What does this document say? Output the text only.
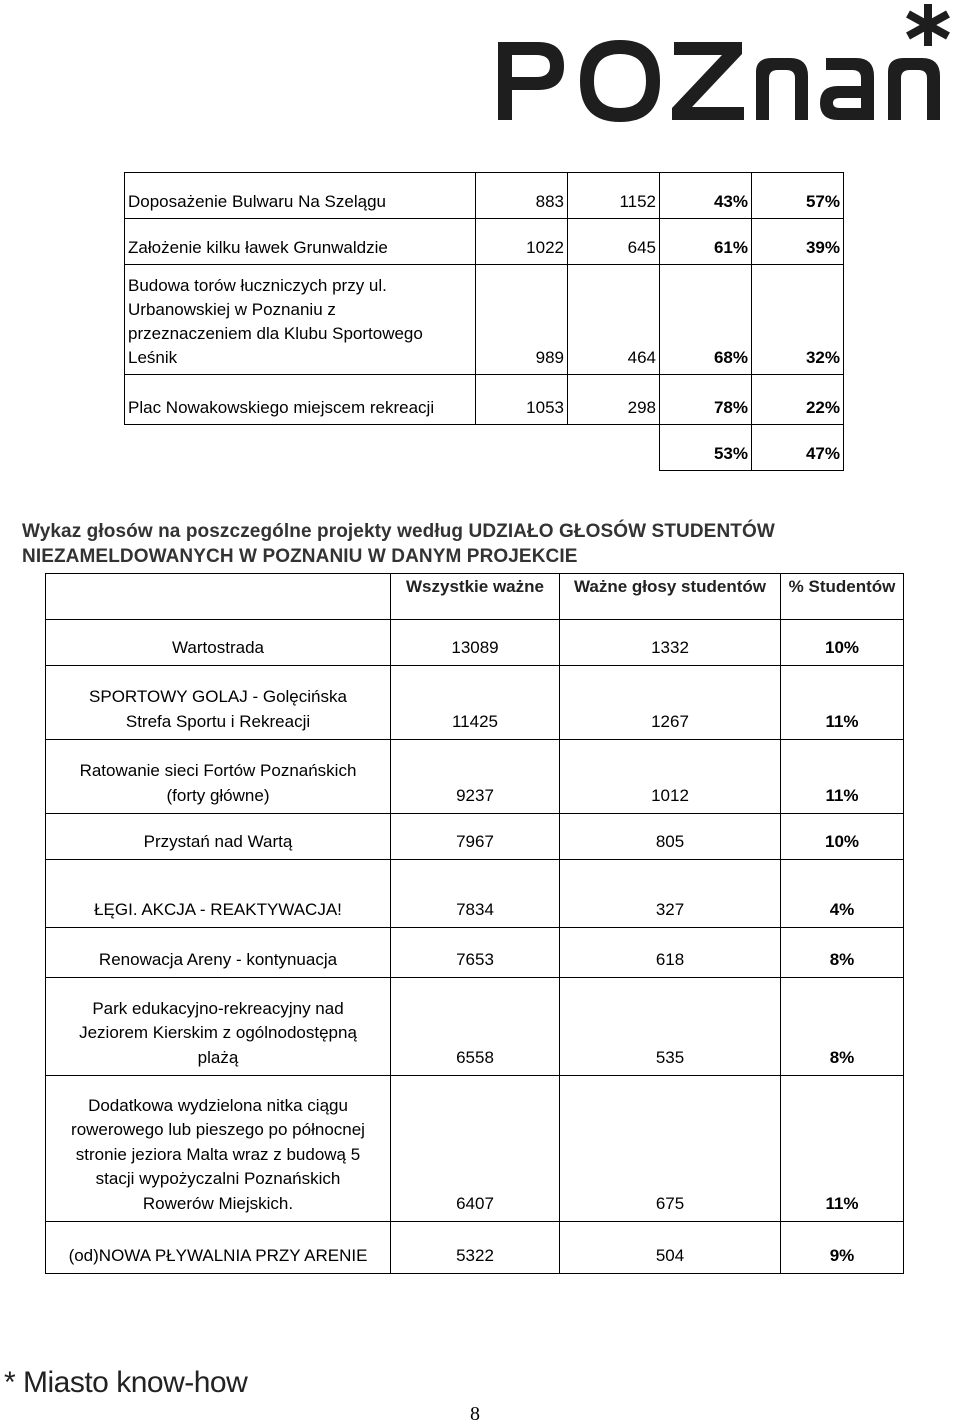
Doposażenie Bulwaru Na Szelągu	883	1152	43%	57%
Założenie kilku ławek Grunwaldzie	1022	645	61%	39%
Budowa torów łuczniczych przy ul.
Urbanowskiej w Poznaniu z
przeznaczeniem dla Klubu Sportowego
Leśnik	989	464	68%	32%
Plac Nowakowskiego miejscem rekreacji	1053	298	78%	22%
			53%	47%
Wykaz głosów na poszczególne projekty według UDZIAŁO GŁOSÓW STUDENTÓW NIEZAMELDOWANYCH W POZNANIU W DANYM PROJEKCIE
	Wszystkie ważne	Ważne głosy studentów	% Studentów
Wartostrada	13089	1332	10%
SPORTOWY GOLAJ - Golęcińska
Strefa Sportu i Rekreacji	11425	1267	11%
Ratowanie sieci Fortów Poznańskich
(forty główne)	9237	1012	11%
Przystań nad Wartą	7967	805	10%
ŁĘGI. AKCJA - REAKTYWACJA!	7834	327	4%
Renowacja Areny - kontynuacja	7653	618	8%
Park edukacyjno-rekreacyjny nad
Jeziorem Kierskim z ogólnodostępną
plażą	6558	535	8%
Dodatkowa wydzielona nitka ciągu
rowerowego lub pieszego po północnej
stronie jeziora Malta wraz z budową 5
stacji wypożyczalni Poznańskich
Rowerów Miejskich.	6407	675	11%
(od)NOWA PŁYWALNIA PRZY ARENIE	5322	504	9%
* Miasto know-how
8
